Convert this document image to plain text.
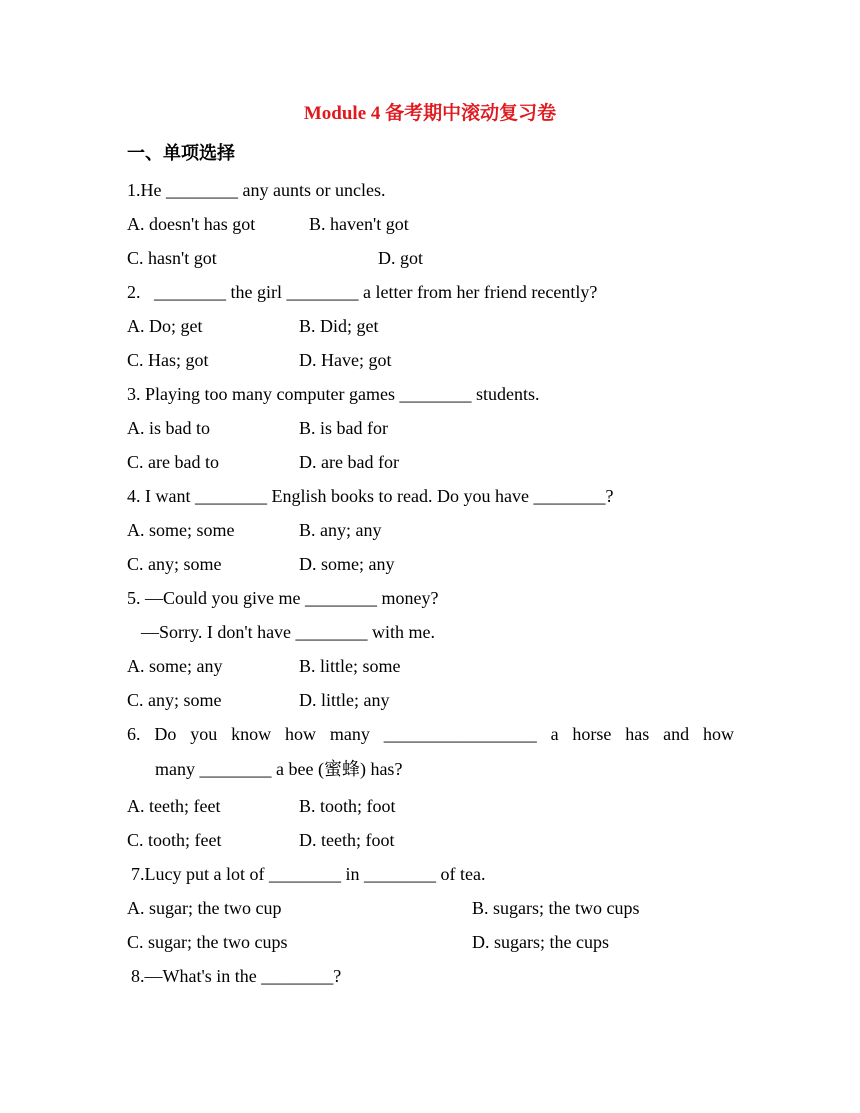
Module 4 备考期中滚动复习卷
一、单项选择
1.He ________ any aunts or uncles.
A. doesn't has got	B. haven't got
C. hasn't got	D. got
2.   ________ the girl ________ a letter from her friend recently?
A. Do; get	B. Did; get
C. Has; got	D. Have; got
3. Playing too many computer games ________ students.
A. is bad to	B. is bad for
C. are bad to	D. are bad for
4. I want ________ English books to read. Do you have ________?
A. some; some	B. any; any
C. any; some	D. some; any
5. —Could you give me ________ money?
—Sorry. I don't have ________ with me.
A. some; any	B. little; some
C. any; some	D. little; any
6. Do you know how many _________________ a horse has and how
many ________ a bee (蜜蜂) has?
A. teeth; feet	B. tooth; foot
C. tooth; feet	D. teeth; foot
7.Lucy put a lot of ________ in ________ of tea.
A. sugar; the two cup	B. sugars; the two cups
C. sugar; the two cups	D. sugars; the cups
8.—What's in the ________?
